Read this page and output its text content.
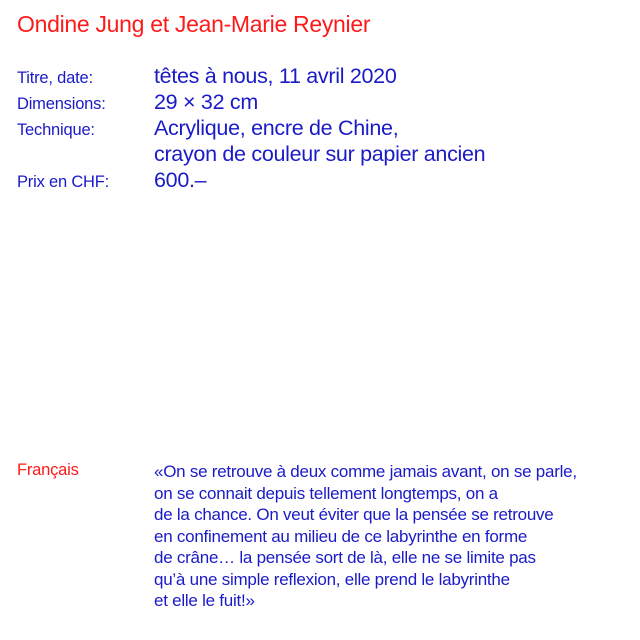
Ondine Jung et Jean-Marie Reynier
Titre, date:	têtes à nous, 11 avril 2020
Dimensions:	29 × 32 cm
Technique:	Acrylique, encre de Chine,
crayon de couleur sur papier ancien
Prix en CHF:	600.–
Français	«On se retrouve à deux comme jamais avant, on se parle,
on se connait depuis tellement longtemps, on a
de la chance. On veut éviter que la pensée se retrouve
en confinement au milieu de ce labyrinthe en forme
de crâne… la pensée sort de là, elle ne se limite pas
qu’à une simple reflexion, elle prend le labyrinthe
et elle le fuit!»
